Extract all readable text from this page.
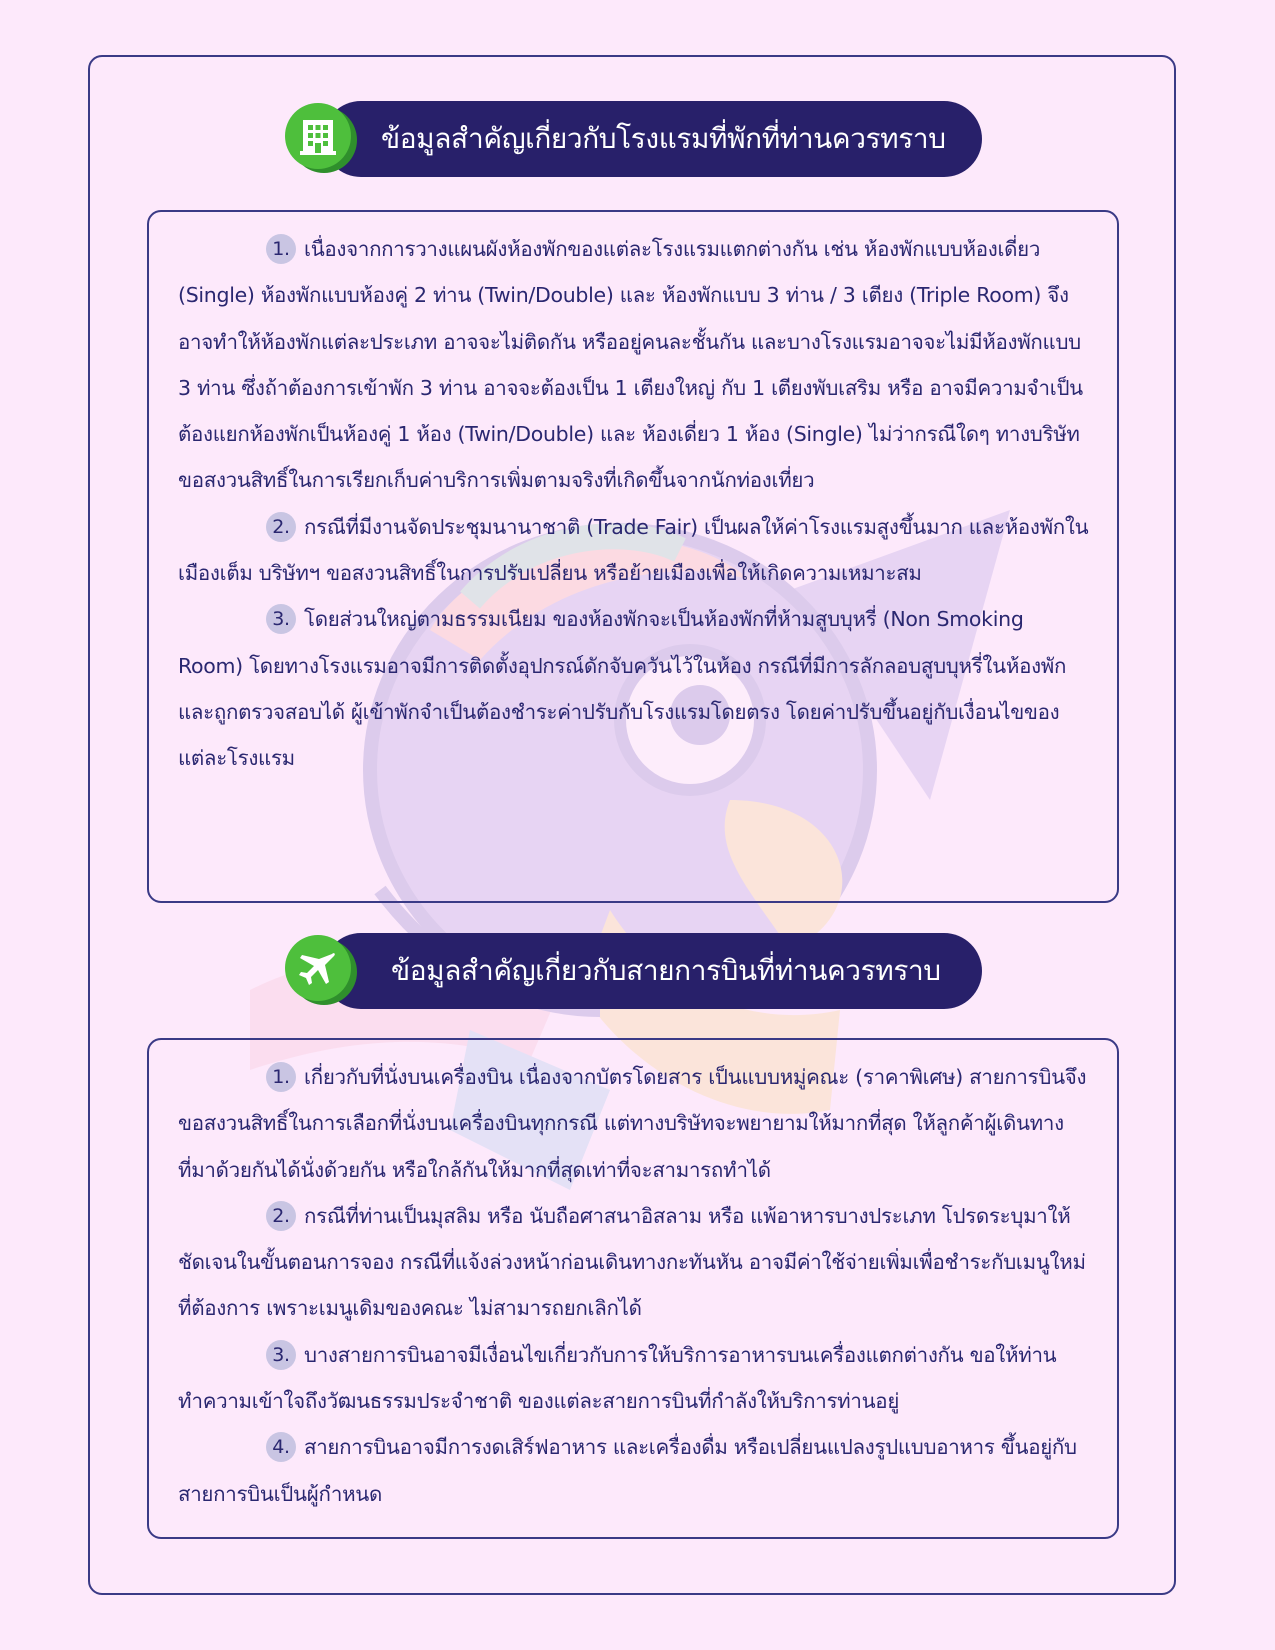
ข้อมูลสำคัญเกี่ยวกับโรงแรมที่พักที่ท่านควรทราบ

1. เนื่องจากการวางแผนผังห้องพักของแต่ละโรงแรมแตกต่างกัน เช่น ห้องพักแบบห้องเดี่ยว (Single) ห้องพักแบบห้องคู่ 2 ท่าน (Twin/Double) และ ห้องพักแบบ 3 ท่าน / 3 เตียง (Triple Room) จึงอาจทำให้ห้องพักแต่ละประเภท อาจจะไม่ติดกัน หรืออยู่คนละชั้นกัน และบางโรงแรมอาจจะไม่มีห้องพักแบบ 3 ท่าน ซึ่งถ้าต้องการเข้าพัก 3 ท่าน อาจจะต้องเป็น 1 เตียงใหญ่ กับ 1 เตียงพับเสริม หรือ อาจมีความจำเป็นต้องแยกห้องพักเป็นห้องคู่ 1 ห้อง (Twin/Double) และ ห้องเดี่ยว 1 ห้อง (Single) ไม่ว่ากรณีใดๆ ทางบริษัทขอสงวนสิทธิ์ในการเรียกเก็บค่าบริการเพิ่มตามจริงที่เกิดขึ้นจากนักท่องเที่ยว

2. กรณีที่มีงานจัดประชุมนานาชาติ (Trade Fair) เป็นผลให้ค่าโรงแรมสูงขึ้นมาก และห้องพักในเมืองเต็ม บริษัทฯ ขอสงวนสิทธิ์ในการปรับเปลี่ยน หรือย้ายเมืองเพื่อให้เกิดความเหมาะสม

3. โดยส่วนใหญ่ตามธรรมเนียม ของห้องพักจะเป็นห้องพักที่ห้ามสูบบุหรี่ (Non Smoking Room) โดยทางโรงแรมอาจมีการติดตั้งอุปกรณ์ดักจับควันไว้ในห้อง กรณีที่มีการลักลอบสูบบุหรี่ในห้องพัก และถูกตรวจสอบได้ ผู้เข้าพักจำเป็นต้องชำระค่าปรับกับโรงแรมโดยตรง โดยค่าปรับขึ้นอยู่กับเงื่อนไขของแต่ละโรงแรม

ข้อมูลสำคัญเกี่ยวกับสายการบินที่ท่านควรทราบ

1. เกี่ยวกับที่นั่งบนเครื่องบิน เนื่องจากบัตรโดยสาร เป็นแบบหมู่คณะ (ราคาพิเศษ) สายการบินจึงขอสงวนสิทธิ์ในการเลือกที่นั่งบนเครื่องบินทุกกรณี แต่ทางบริษัทจะพยายามให้มากที่สุด ให้ลูกค้าผู้เดินทางที่มาด้วยกันได้นั่งด้วยกัน หรือใกล้กันให้มากที่สุดเท่าที่จะสามารถทำได้

2. กรณีที่ท่านเป็นมุสลิม หรือ นับถือศาสนาอิสลาม หรือ แพ้อาหารบางประเภท โปรดระบุมาให้ชัดเจนในขั้นตอนการจอง กรณีที่แจ้งล่วงหน้าก่อนเดินทางกะทันหัน อาจมีค่าใช้จ่ายเพิ่มเพื่อชำระกับเมนูใหม่ที่ต้องการ เพราะเมนูเดิมของคณะ ไม่สามารถยกเลิกได้

3. บางสายการบินอาจมีเงื่อนไขเกี่ยวกับการให้บริการอาหารบนเครื่องแตกต่างกัน ขอให้ท่านทำความเข้าใจถึงวัฒนธรรมประจำชาติ ของแต่ละสายการบินที่กำลังให้บริการท่านอยู่

4. สายการบินอาจมีการงดเสิร์ฟอาหาร และเครื่องดื่ม หรือเปลี่ยนแปลงรูปแบบอาหาร ขึ้นอยู่กับสายการบินเป็นผู้กำหนด
